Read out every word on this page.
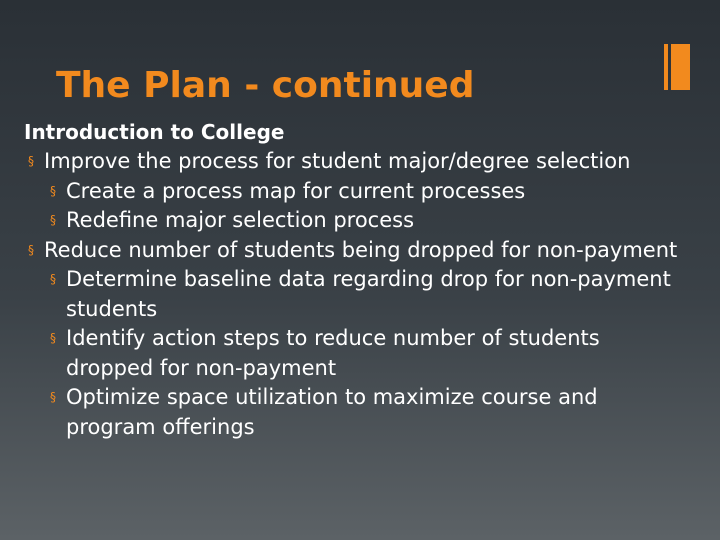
The Plan - continued
Introduction to College
§ Improve the process for student major/degree selection
§ Create a process map for current processes
§ Redefine major selection process
§ Reduce number of students being dropped for non-payment
§ Determine baseline data regarding drop for non-payment students
§ Identify action steps to reduce number of students dropped for non-payment
§ Optimize space utilization to maximize course and program offerings
